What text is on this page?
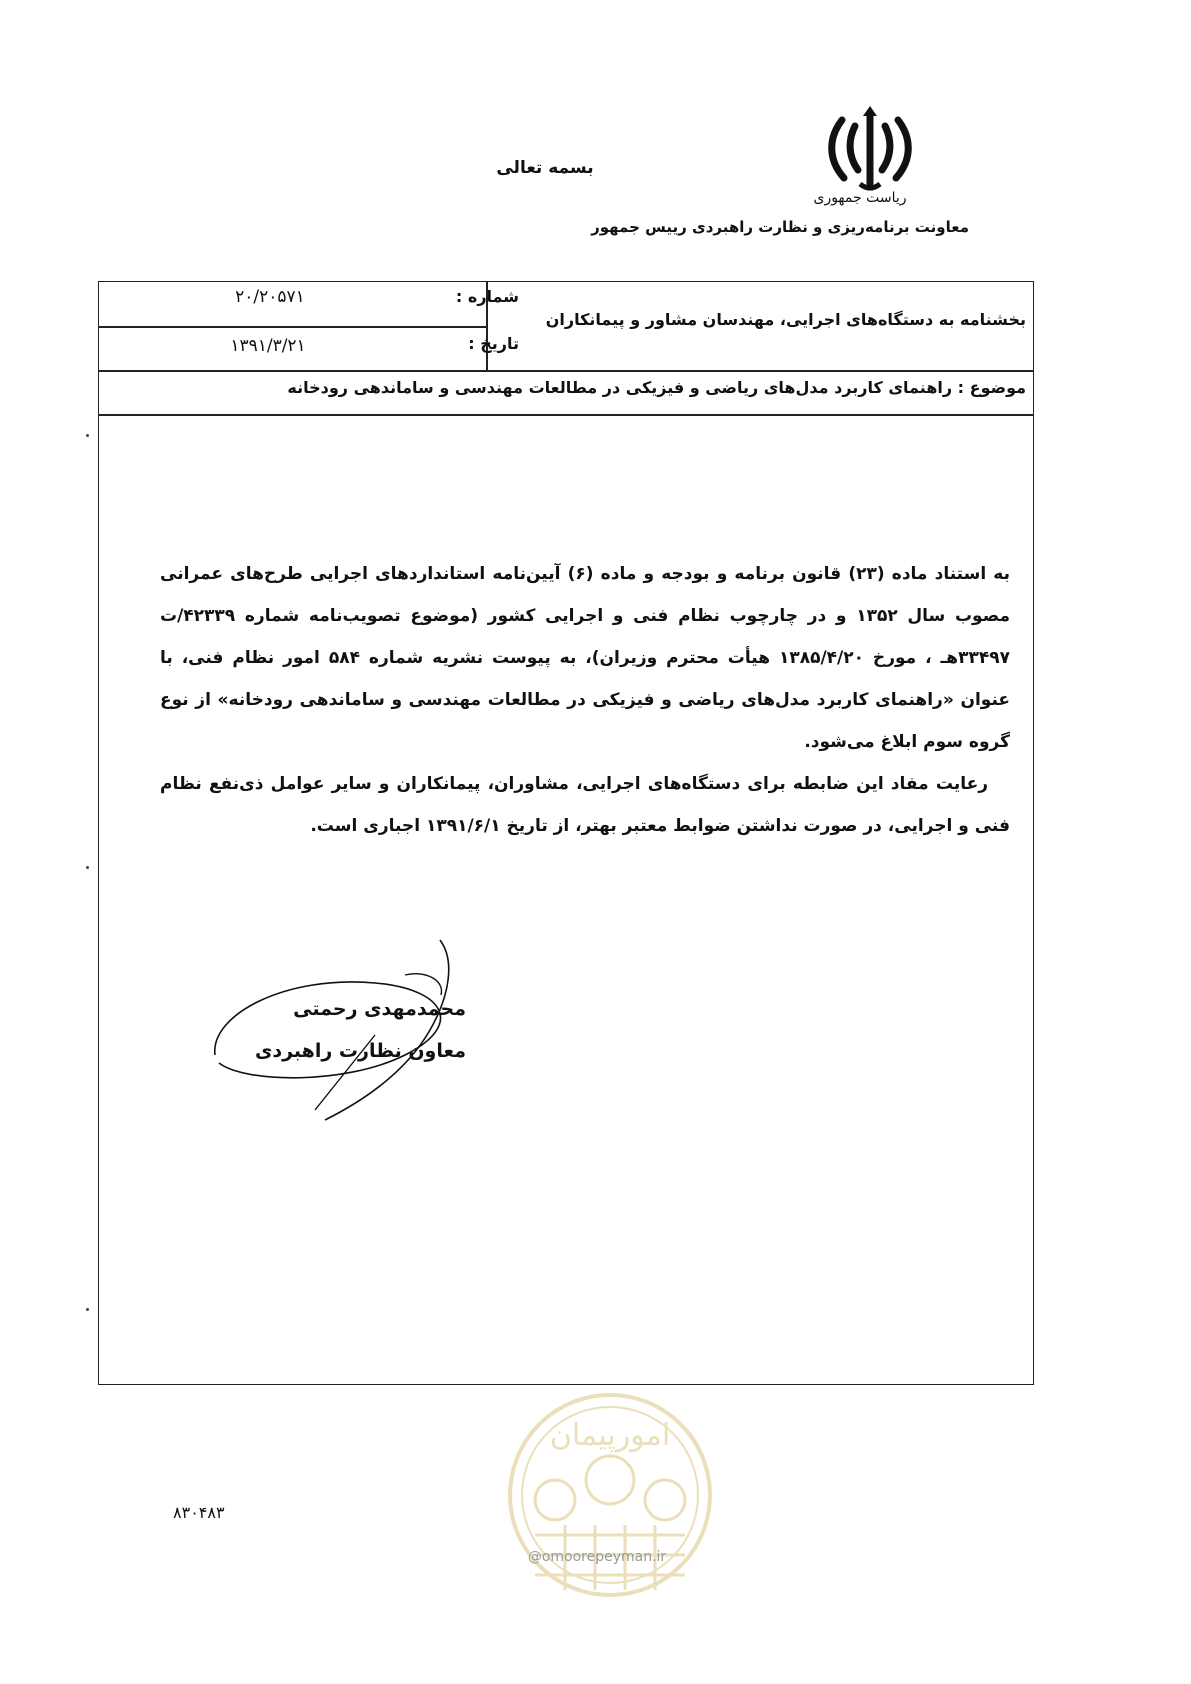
بسمه تعالی
ریاست جمهوری
معاونت برنامه‌ریزی و نظارت راهبردی رییس جمهور
بخشنامه به دستگاه‌های اجرایی، مهندسان مشاور و پیمانکاران
شماره :
۲۰/۲۰۵۷۱
تاریخ :
۱۳۹۱/۳/۲۱
موضوع : راهنمای کاربرد مدل‌های ریاضی و فیزیکی در مطالعات مهندسی و ساماندهی رودخانه

به استناد ماده (۲۳) قانون برنامه و بودجه و ماده (۶) آیین‌نامه استانداردهای اجرایی طرح‌های عمرانی مصوب سال ۱۳۵۲ و در چارچوب نظام فنی و اجرایی کشور (موضوع تصویب‌نامه شماره ۴۲۳۳۹/ت ۳۳۴۹۷هـ ، مورخ ۱۳۸۵/۴/۲۰ هیأت محترم وزیران)، به پیوست نشریه شماره ۵۸۴ امور نظام فنی، با عنوان «راهنمای کاربرد مدل‌های ریاضی و فیزیکی در مطالعات مهندسی و ساماندهی رودخانه» از نوع گروه سوم ابلاغ می‌شود.

رعایت مفاد این ضابطه برای دستگاه‌های اجرایی، مشاوران، پیمانکاران و سایر عوامل ذی‌نفع نظام فنی و اجرایی، در صورت نداشتن ضوابط معتبر بهتر، از تاریخ ۱۳۹۱/۶/۱ اجباری است.

محمدمهدی رحمتی
معاون نظارت راهبردی
امورپیمان
@omoorepeyman.ir
۸۳۰۴۸۳
